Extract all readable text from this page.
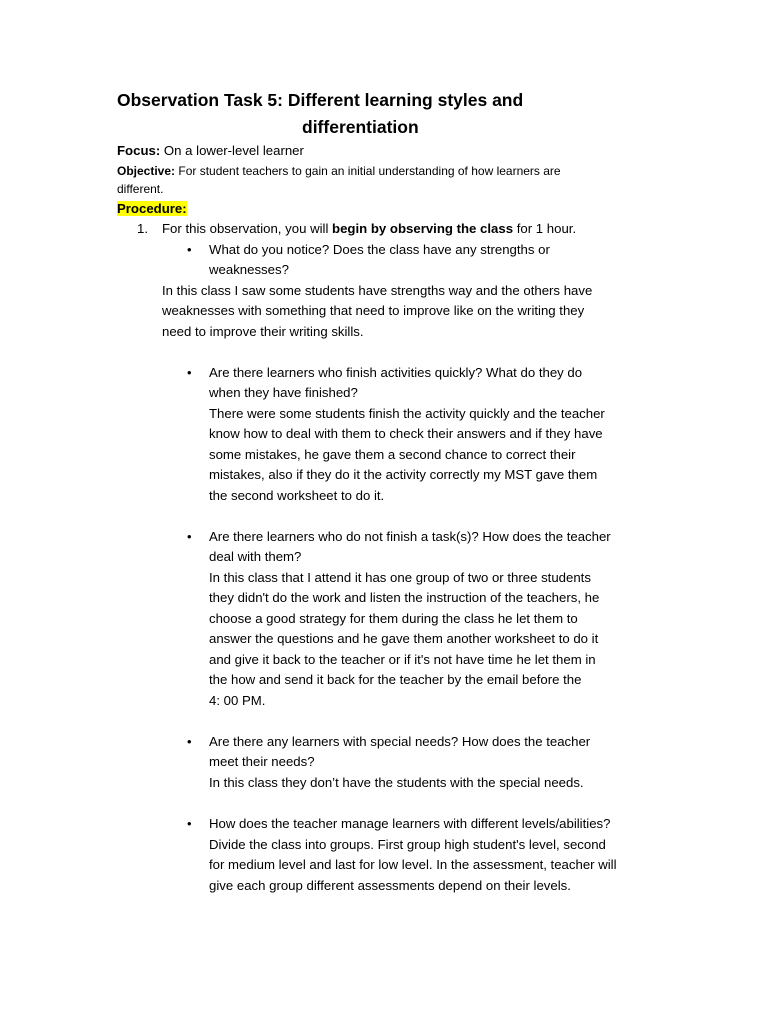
Observation Task 5: Different learning styles and
differentiation
Focus: On a lower-level learner
Objective: For student teachers to gain an initial understanding of how learners are
different.
Procedure:
1. For this observation, you will begin by observing the class for 1 hour.
• What do you notice? Does the class have any strengths or
weaknesses?
In this class I saw some students have strengths way and the others have
weaknesses with something that need to improve like on the writing they
need to improve their writing skills.
• Are there learners who finish activities quickly? What do they do
when they have finished?
There were some students finish the activity quickly and the teacher
know how to deal with them to check their answers and if they have
some mistakes, he gave them a second chance to correct their
mistakes, also if they do it the activity correctly my MST gave them
the second worksheet to do it.
• Are there learners who do not finish a task(s)? How does the teacher
deal with them?
In this class that I attend it has one group of two or three students
they didn't do the work and listen the instruction of the teachers, he
choose a good strategy for them during the class he let them to
answer the questions and he gave them another worksheet to do it
and give it back to the teacher or if it's not have time he let them in
the how and send it back for the teacher by the email before the
4: 00 PM.
• Are there any learners with special needs? How does the teacher
meet their needs?
In this class they don’t have the students with the special needs.
• How does the teacher manage learners with different levels/abilities?
Divide the class into groups. First group high student's level, second
for medium level and last for low level. In the assessment, teacher will
give each group different assessments depend on their levels.
